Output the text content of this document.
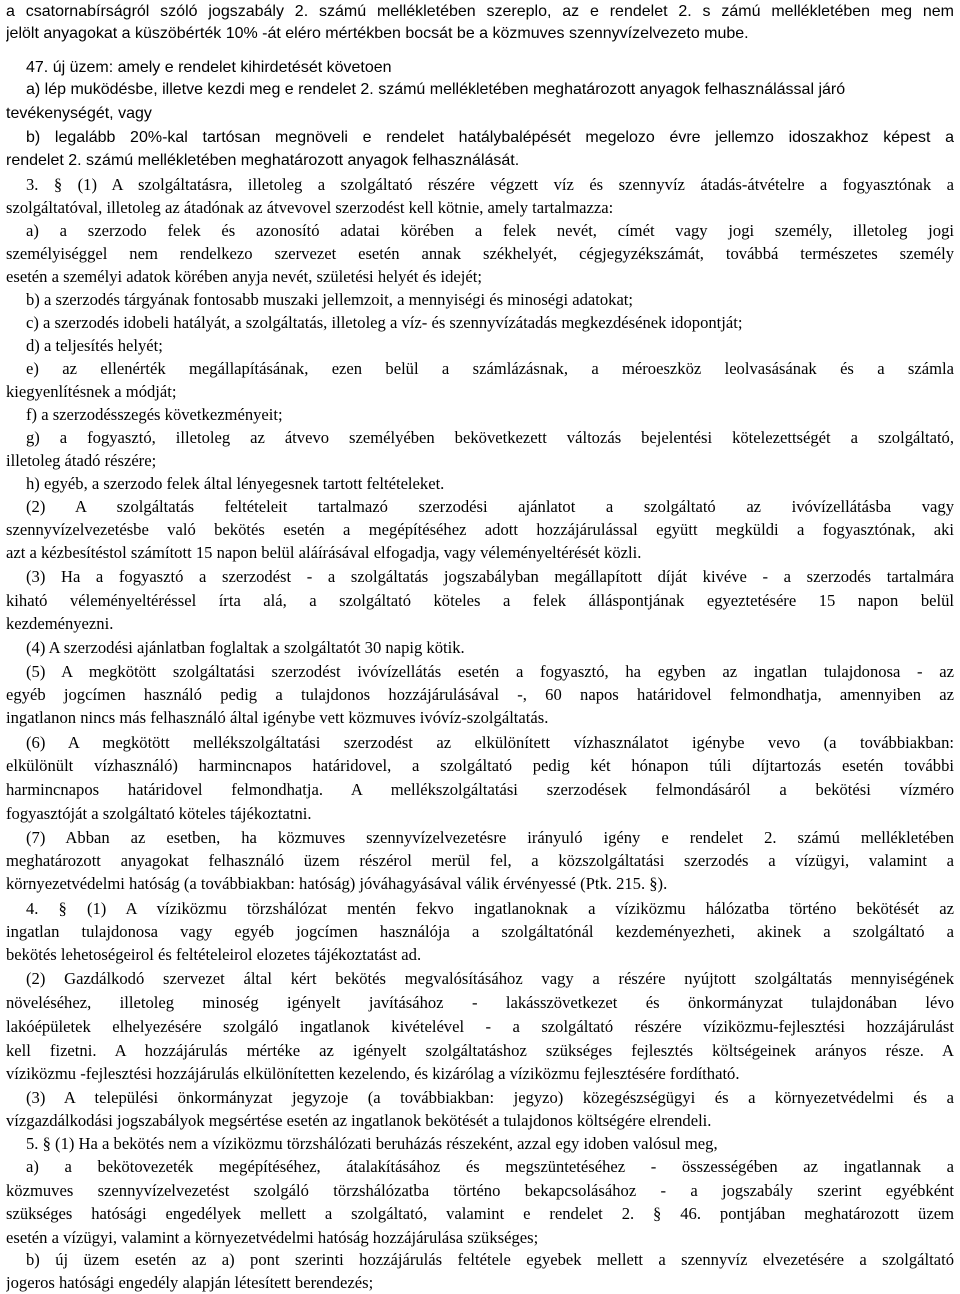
a csatornabírságról szóló jogszabály 2. számú mellékletében szereplo, az e rendelet 2. s zámú mellékletében meg nem
jelölt anyagokat a küszöbérték 10% -át eléro mértékben bocsát be a közmuves szennyvízelvezeto mube.
47. új üzem: amely e rendelet kihirdetését követoen
a) lép muködésbe, illetve kezdi meg e rendelet 2. számú mellékletében meghatározott anyagok felhasználással járó
tevékenységét, vagy
b) legalább 20%-kal tartósan megnöveli e rendelet hatálybalépését megelozo évre jellemzo idoszakhoz képest a
rendelet 2. számú mellékletében meghatározott anyagok felhasználását.
3. § (1) A szolgáltatásra, illetoleg a szolgáltató részére végzett víz és szennyvíz átadás-átvételre a fogyasztónak a
szolgáltatóval, illetoleg az átadónak az átvevovel szerzodést kell kötnie, amely tartalmazza:
a) a szerzodo felek és azonosító adatai körében a felek nevét, címét vagy jogi személy, illetoleg jogi
személyiséggel nem rendelkezo szervezet esetén annak székhelyét, cégjegyzékszámát, továbbá természetes személy
esetén a személyi adatok körében anyja nevét, születési helyét és idejét;
b) a szerzodés tárgyának fontosabb muszaki jellemzoit, a mennyiségi és minoségi adatokat;
c) a szerzodés idobeli hatályát, a szolgáltatás, illetoleg a víz- és szennyvízátadás megkezdésének idopontját;
d) a teljesítés helyét;
e) az ellenérték megállapításának, ezen belül a számlázásnak, a méroeszköz leolvasásának és a számla
kiegyenlítésnek a módját;
f) a szerzodésszegés következményeit;
g) a fogyasztó, illetoleg az átvevo személyében bekövetkezett változás bejelentési kötelezettségét a szolgáltató,
illetoleg átadó részére;
h) egyéb, a szerzodo felek által lényegesnek tartott feltételeket.
(2) A szolgáltatás feltételeit tartalmazó szerzodési ajánlatot a szolgáltató az ivóvízellátásba vagy
szennyvízelvezetésbe való bekötés esetén a megépítéséhez adott hozzájárulással együtt megküldi a fogyasztónak, aki
azt a kézbesítéstol számított 15 napon belül aláírásával elfogadja, vagy véleményeltérését közli.
(3) Ha a fogyasztó a szerzodést - a szolgáltatás jogszabályban megállapított díját kivéve - a szerzodés tartalmára
kiható véleményeltéréssel írta alá, a szolgáltató köteles a felek álláspontjának egyeztetésére 15 napon belül
kezdeményezni.
(4) A szerzodési ajánlatban foglaltak a szolgáltatót 30 napig kötik.
(5) A megkötött szolgáltatási szerzodést ivóvízellátás esetén a fogyasztó, ha egyben az ingatlan tulajdonosa - az
egyéb jogcímen használó pedig a tulajdonos hozzájárulásával -, 60 napos határidovel felmondhatja, amennyiben az
ingatlanon nincs más felhasználó által igénybe vett közmuves ivóvíz-szolgáltatás.
(6) A megkötött mellékszolgáltatási szerzodést az elkülönített vízhasználatot igénybe vevo (a továbbiakban:
elkülönült vízhasználó) harmincnapos határidovel, a szolgáltató pedig két hónapon túli díjtartozás esetén további
harmincnapos határidovel felmondhatja. A mellékszolgáltatási szerzodések felmondásáról a bekötési vízméro
fogyasztóját a szolgáltató köteles tájékoztatni.
(7) Abban az esetben, ha közmuves szennyvízelvezetésre irányuló igény e rendelet 2. számú mellékletében
meghatározott anyagokat felhasználó üzem részérol merül fel, a közszolgáltatási szerzodés a vízügyi, valamint a
környezetvédelmi hatóság (a továbbiakban: hatóság) jóváhagyásával válik érvényessé (Ptk. 215. §).
4. § (1) A víziközmu törzshálózat mentén fekvo ingatlanoknak a víziközmu hálózatba történo bekötését az
ingatlan tulajdonosa vagy egyéb jogcímen használója a szolgáltatónál kezdeményezheti, akinek a szolgáltató a
bekötés lehetoségeirol és feltételeirol elozetes tájékoztatást ad.
(2) Gazdálkodó szervezet által kért bekötés megvalósításához vagy a részére nyújtott szolgáltatás mennyiségének
növeléséhez, illetoleg minoség igényelt javításához - lakásszövetkezet és önkormányzat tulajdonában lévo
lakóépületek elhelyezésére szolgáló ingatlanok kivételével - a szolgáltató részére víziközmu-fejlesztési hozzájárulást
kell fizetni. A hozzájárulás mértéke az igényelt szolgáltatáshoz szükséges fejlesztés költségeinek arányos része. A
víziközmu -fejlesztési hozzájárulás elkülönítetten kezelendo, és kizárólag a víziközmu fejlesztésére fordítható.
(3) A települési önkormányzat jegyzoje (a továbbiakban: jegyzo) közegészségügyi és a környezetvédelmi és a
vízgazdálkodási jogszabályok megsértése esetén az ingatlanok bekötését a tulajdonos költségére elrendeli.
5. § (1) Ha a bekötés nem a víziközmu törzshálózati beruházás részeként, azzal egy idoben valósul meg,
a) a bekötovezeték megépítéséhez, átalakításához és megszüntetéséhez - összességében az ingatlannak a
közmuves szennyvízelvezetést szolgáló törzshálózatba történo bekapcsolásához - a jogszabály szerint egyébként
szükséges hatósági engedélyek mellett a szolgáltató, valamint e rendelet 2. § 46. pontjában meghatározott üzem
esetén a vízügyi, valamint a környezetvédelmi hatóság hozzájárulása szükséges;
b) új üzem esetén az a) pont szerinti hozzájárulás feltétele egyebek mellett a szennyvíz elvezetésére a szolgáltató
jogeros hatósági engedély alapján létesített berendezés;
